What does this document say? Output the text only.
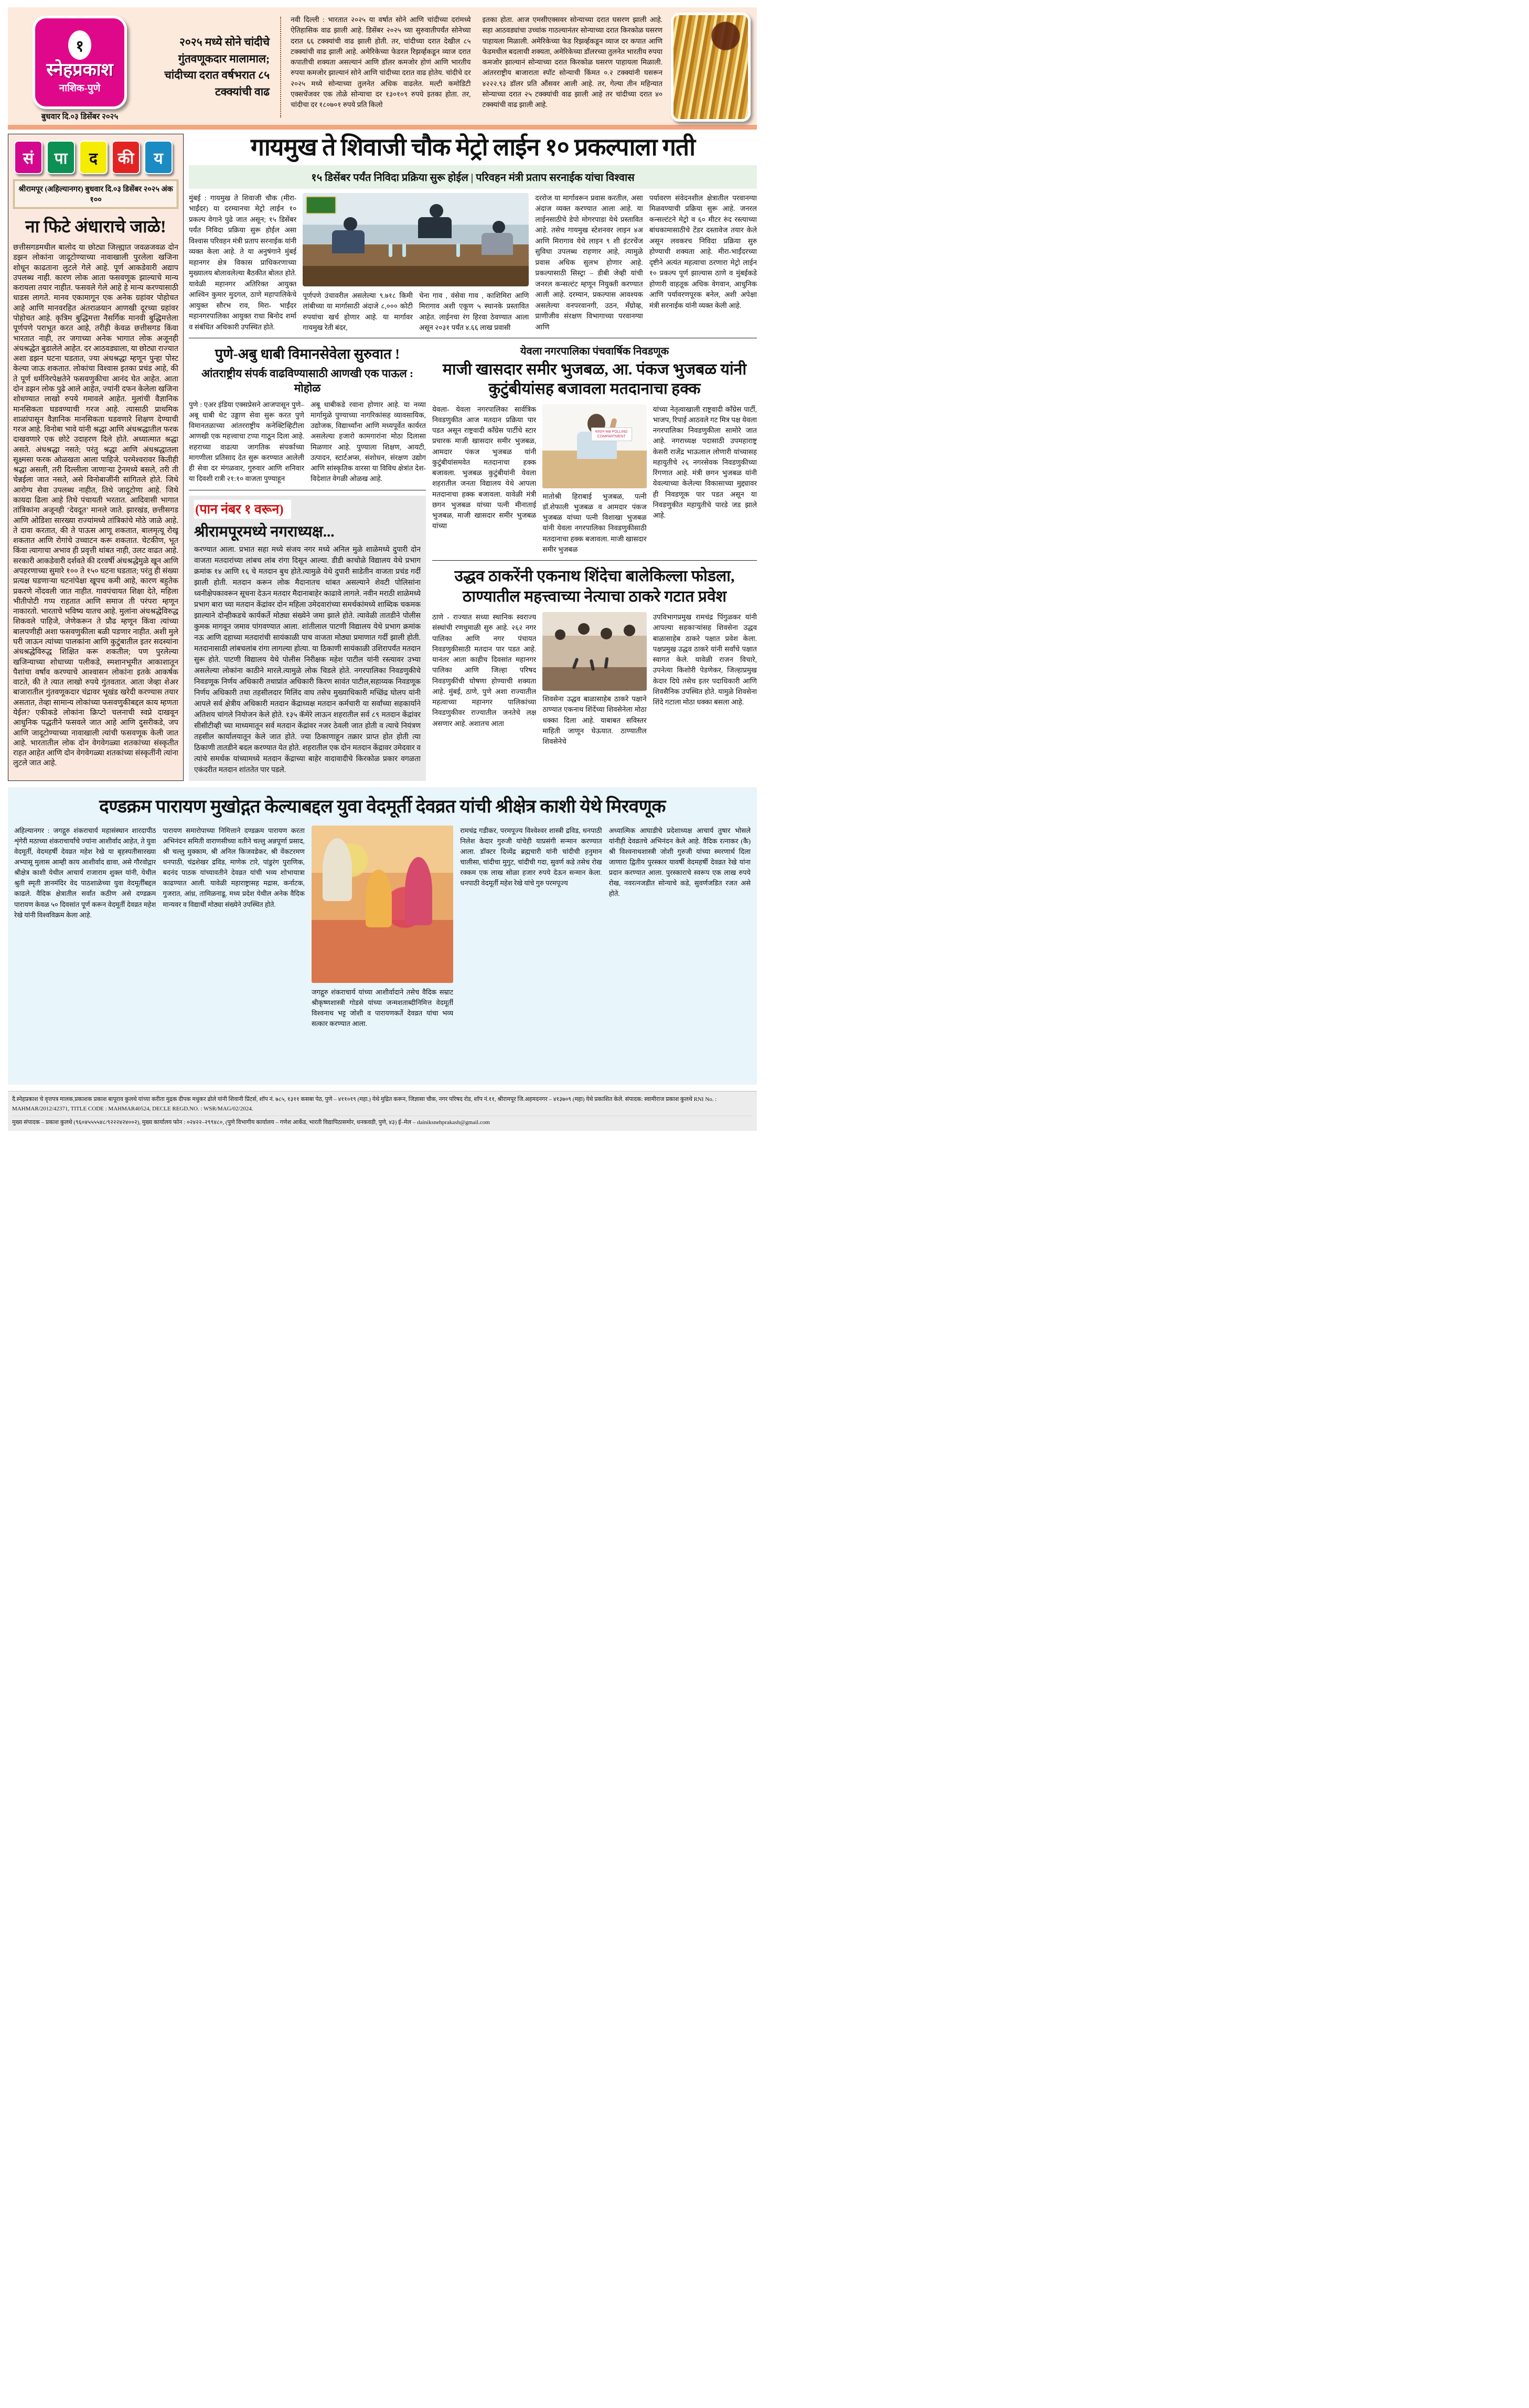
१
स्नेहप्रकाश
नाशिक-पुणे
बुधवार दि.०३ डिसेंबर २०२५
२०२५ मध्ये सोने चांदीचे गुंतवणूकदार मालामाल; चांदीच्या दरात वर्षभरात ८५ टक्क्यांची वाढ
नवी दिल्ली : भारतात २०२५ या वर्षात सोने आणि चांदीच्या दरांमध्ये ऐतिहासिक वाढ झाली आहे. डिसेंबर २०२५ च्या सुरुवातीपर्यंत सोनेच्या दरात ६६ टक्क्यांची वाढ झाली होती. तर, चांदीच्या दरात देखील ८५ टक्क्यांची वाढ झाली आहे. अमेरिकेच्या फेडरल रिझर्व्हकडून व्याज दरात कपातीची शक्यता असल्यानं आणि डॉलर कमजोर होणं आणि भारतीय रुपया कमजोर झाल्यानं सोने आणि चांदीच्या दरात वाढ होतेय. चांदीचे दर २०२५ मध्ये सोन्याच्या तुलनेत अधिक वाढलेत. मल्टी कमोडिटी एक्सचेंजवर एक तोळे सोन्याचा दर १३०१०९ रुपये इतका होता. तर, चांदीचा दर १८०७०१ रुपये प्रति किलो
इतका होता. आज एमसीएक्सवर सोन्याच्या दरात घसरण झाली आहे. सहा आठवड्यांचा उच्चांक गाठल्यानंतर सोन्याच्या दरात किरकोळ घसरण पाहायला मिळाली. अमेरिकेच्या फेड रिझर्व्हकडून व्याज दर कपात आणि फेडमधील बदलाची शक्यता, अमेरिकेच्या डॉलरच्या तुलनेत भारतीय रुपया कमजोर झाल्यानं सोन्याच्या दरात किरकोळ घसरण पाहायला मिळाली. आंतरराष्ट्रीय बाजाराता स्पॉट सोन्याची किंमत ०.२ टक्क्यांनी घसरून ४२२२.९३ डॉलर प्रति औंसवर आली आहे. तर, गेल्या तीन महिन्यात सोन्याच्या दरात २५ टक्क्यांची वाढ झाली आहे तर चांदीच्या दरात ४० टक्क्यांची वाढ झाली आहे.
सं	पा	द	की	य
श्रीरामपूर (अहिल्यानगर) बुधवार दि.०३ डिसेंबर २०२५ अंक १००
ना फिटे अंधाराचे जाळे!
छत्तीसगडमधील बालोद या छोट्या जिल्ह्यात जवळजवळ दोन डझन लोकांना जादूटोण्याच्या नावाखाली पुरलेला खजिना शोधून काढताना लुटले गेले आहे. पूर्ण आकडेवारी अद्याप उपलब्ध नाही. कारण लोक आता फसवणूक झाल्याचे मान्य करायला तयार नाहीत. फसवले गेले आहे हे मान्य करण्यासाठी धाडस लागते. मानव एकामागून एक अनेक ग्रहांवर पोहोचत आहे आणि मानवरहित अंतराळयान आणखी दूरच्या ग्रहांवर पोहोचत आहे. कृत्रिम बुद्धिमत्ता नैसर्गिक मानवी बुद्धिमत्तेला पूर्णपणे पराभूत करत आहे, तरीही केवळ छत्तीसगड किंवा भारतात नाही, तर जगाच्या अनेक भागात लोक अजूनही अंधश्रद्धेत बुडालेले आहेत. दर आठवड्याला, या छोट्या राज्यात अशा डझन घटना घडतात, ज्या अंधश्रद्धा म्हणून पुन्हा पोस्ट केल्या जाऊ शकतात. लोकांचा विश्वास इतका प्रचंड आहे, की ते पूर्ण धर्मनिरपेक्षतेने फसवणुकीचा आनंद घेत आहेत. आता दोन डझन लोक पुढे आले आहेत, ज्यांनी दफन केलेला खजिना शोधण्यात लाखो रुपये गमावले आहेत. मुलांची वैज्ञानिक मानसिकता घडवण्याची गरज आहे. त्यासाठी प्राथमिक शाळांपासून वैज्ञानिक मानसिकता घडवणारे शिक्षण देण्याची गरज आहे. विनोबा भावे यांनी श्रद्धा आणि अंधश्रद्धातील फरक दाखवणारे एक छोटे उदाहरण दिले होते. अध्यात्मात श्रद्धा असते. अंधश्रद्धा नसते; परंतु श्रद्धा आणि अंधश्रद्धातला सूक्ष्मसा फरक ओळखता आला पाहिजे. परमेश्वरावर कितीही श्रद्धा असली, तरी दिल्लीला जाणाऱ्या ट्रेनमध्ये बसले, तरी ती चेन्नईला जात नसते, असे विनोबाजींनी सांगितले होते. जिथे आरोग्य सेवा उपलब्ध नाहीत, तिथे जादूटोणा आहे. जिथे कायदा ढिला आहे तिथे पंचायती भरतात. आदिवासी भागात तांत्रिकांना अजूनही ‘देवदूत’ मानले जाते. झारखंड, छत्तीसगड आणि ओडिशा सारख्या राज्यांमध्ये तांत्रिकांचे मोठे जाळे आहे. ते दावा करतात, की ते पाऊस आणू शकतात, बालमृत्यू रोखू शकतात आणि रोगांचे उच्चाटन करू शकतात. चेटकीण, भूत किंवा त्यागाचा अभाव ही प्रवृत्ती थांबत नाही, उलट वाढत आहे. सरकारी आकडेवारी दर्शवते की दरवर्षी अंधश्रद्धेमुळे खून आणि अपहरणाच्या सुमारे १०० ते १५० घटना घडतात; परंतु ही संख्या प्रत्यक्ष घडणाऱ्या घटनांपेक्षा खूपच कमी आहे, कारण बहुतेक प्रकरणे नोंदवली जात नाहीत. गावपंचायत शिक्षा देते, महिला भीतीपोटी गप्प राहतात आणि समाज ती परंपरा म्हणून नाकारतो. भारताचे भविष्य यातच आहे. मुलांना अंधश्रद्धेविरुद्ध शिकवले पाहिजे, जेणेकरून ते प्रौढ म्हणून किंवा त्यांच्या बालपणीही अशा फसवणुकीला बळी पडणार नाहीत. अशी मुले घरी जाऊन त्यांच्या पालकांना आणि कुटुंबातील इतर सदस्यांना अंधश्रद्धेविरुद्ध शिक्षित करू शकतील; पण पुरलेल्या खजिन्याच्या शोधाच्या पलीकडे, स्मशानभूमीत आकाशातून पैशांचा वर्षाव करण्याचे आश्वासन लोकांना इतके आकर्षक वाटते, की ते त्यात लाखो रुपये गुंतवतात. आता जेव्हा शेअर बाजारातील गुंतवणूकदार चंद्रावर भूखंड खरेदी करण्यास तयार असतात, तेव्हा सामान्य लोकांच्या फसवणुकीबद्दल काय म्हणता येईल? एकीकडे लोकांना क्रिप्टो चलनाची स्वप्ने दाखवून आधुनिक पद्धतीने फसवले जात आहे आणि दुसरीकडे, जप आणि जादूटोण्याच्या नावाखाली त्यांची फसवणूक केली जात आहे. भारतातील लोक दोन वेगवेगळ्या शतकांच्या संस्कृतीत राहत आहेत आणि दोन वेगवेगळ्या शतकांच्या संस्कृतींनी त्यांना लुटले जात आहे.
गायमुख ते शिवाजी चौक मेट्रो लाईन १० प्रकल्पाला गती
१५ डिसेंबर पर्यंत निविदा प्रक्रिया सुरू होईल | परिवहन मंत्री प्रताप सरनाईक यांचा विश्वास
मुंबई : गायमुख ते शिवाजी चौक (मीरा-भाईंदर) या दरम्यानचा मेट्रो लाईन १० प्रकल्प वेगाने पुढे जात असून; १५ डिसेंबर पर्यंत निविदा प्रक्रिया सुरू होईल असा विश्वास परिवहन मंत्री प्रताप सरनाईक यांनी व्यक्त केला आहे. ते या अनुषंगाने मुंबई महानगर क्षेत्र विकास प्राधिकरणाच्या मुख्यालय बोलावलेल्या बैठकीत बोलत होते. यावेळी महानगर अतिरिक्त आयुक्त आश्विन कुमार मुदगल, ठाणे महापालिकेचे आयुक्त सौरभ राव, मिरा- भाईंदर महानगरपालिका आयुक्त राधा बिनोद शर्मा व संबंधित अधिकारी उपस्थित होते.
पूर्णपणे उंचावरील असलेल्या ९.७१८ किमी लांबीच्या या मार्गासाठी अंदाजे ८,००० कोटी रुपयांचा खर्च होणार आहे. या मार्गावर गायमुख रेती बंदर,
चेना गाव , वंसेवा गाव , काशिमिरा आणि मिरागाव अशी एकूण ५ स्थानके प्रस्तावित आहेत. लाईनचा रंग हिरवा ठेवण्यात आला असून २०३१ पर्यंत ४.६६ लाख प्रवासी
दररोज या मार्गावरून प्रवास करतील, असा अंदाज व्यक्त करण्यात आला आहे. या लाईनसाठीचे डेपो मोगरपाडा येथे प्रस्तावित आहे. तसेच गायमुख स्टेशनवर लाइन ४अ आणि मिरागाव येथे लाइन ९ शी इंटरचेंज सुविधा उपलब्ध राहणार आहे, त्यामुळे प्रवास अधिक सुलभ होणार आहे. प्रकल्पासाठी सिस्ट्रा – डीबी जेव्ही यांची जनरल कन्सल्टंट म्हणून नियुक्ती करण्यात आली आहे. दरम्यान, प्रकल्पास आवश्यक असलेल्या वनपरवानगी, उठन, मँग्रोव्ह, प्राणीजीव संरक्षण विभागाच्या परवानग्या आणि
पर्यावरण संवेदनशील क्षेत्रातील परवानग्या मिळवण्याची प्रक्रिया सुरू आहे. जनरल कन्सल्टंटने मेट्रो व ६० मीटर रुंद रस्त्याच्या बांधकामासाठीचे टेंडर दस्तावेज तयार केले असून लवकरच निविदा प्रक्रिया सुरु होण्याची शक्यता आहे. मीरा-भाईंदरच्या दृष्टीने अत्यंत महत्वाचा ठरणारा मेट्रो लाईन १० प्रकल्प पूर्ण झाल्यास ठाणे व मुंबईकडे होणारी वाहतूक अधिक वेगवान, आधुनिक आणि पर्यावरणपूरक बनेल, अशी अपेक्षा मंत्री सरनाईक यांनी व्यक्त केली आहे.
पुणे-अबु धाबी विमानसेवेला सुरुवात !
आंतराष्ट्रीय संपर्क वाढविण्यासाठी आणखी एक पाऊल : मोहोळ
पुणे : एअर इंडिया एक्सप्रेसने आजपासून पुणे–अबू धाबी थेट उड्डाण सेवा सुरू करत पुणे विमानतळाच्या आंतरराष्ट्रीय कनेक्टिव्हिटीला आणखी एक महत्त्वाचा टप्पा गाठून दिला आहे. शहराच्या वाढत्या जागतिक संपर्काच्या मागणीला प्रतिसाद देत सुरू करण्यात आलेली ही सेवा दर मंगळवार, गुरुवार आणि शनिवार या दिवशी रात्री २१:१० वाजता पुण्याहून
अबू धाबीकडे रवाना होणार आहे. या नव्या मार्गामुळे पुण्याच्या नागरिकांसह व्यावसायिक, उद्योजक, विद्यार्थ्यांना आणि मध्यपूर्वेत कार्यरत असलेल्या हजारो कामगारांना मोठा दिलासा मिळणार आहे. पुण्याला शिक्षण, आयटी, उत्पादन, स्टार्टअप्स, संशोधन, संरक्षण उद्योग आणि सांस्कृतिक वारसा या विविध क्षेत्रांत देश-विदेशात वेगळी ओळख आहे.
(पान नंबर १ वरून)
श्रीरामपूरमध्ये नगराध्यक्ष...
करण्यात आला. प्रभात सहा मध्ये संजय नगर मध्ये अनिल मुळे शाळेमध्ये दुपारी दोन वाजता मतदारांच्या लांबच लांब रांगा दिसून आल्या. डीडी काचोळे विद्यालय येथे प्रभाग क्रमांक १४ आणि १६ चे मतदान बुथ होते.त्यामुळे येथे दुपारी साडेतीन वाजता प्रचंड गर्दी झाली होती. मतदान करून लोक मैदानातच थांबत असल्याने शेवटी पोलिसांना ध्वनीक्षेपकावरून सूचना देऊन मतदार मैदानाबाहेर काढावे लागले. नवीन मराठी शाळेमध्ये प्रभाग बारा च्या मतदान केंद्रांवर दोन महिला उमेदवारांच्या समर्थकांमध्ये शाब्दिक चकमक झाल्याने दोन्हीकडचे कार्यकर्ते मोठ्या संख्येने जमा झाले होते. त्यावेळी तातडीने पोलीस कुमक मागवून जमाव पांगवण्यात आला. शांतीलाल पाटणी विद्यालय येथे प्रभाग क्रमांक नऊ आणि दहाच्या मतदारांची सायंकाळी पाच वाजता मोठ्या प्रमाणात गर्दी झाली होती. मतदानासाठी लांबचलांब रांगा लागल्या होत्या. या ठिकाणी सायंकाळी उशिरापर्यंत मतदान सुरू होते. पाटणी विद्यालय येथे पोलीस निरीक्षक महेश पाटील यांनी रस्त्यावर उभ्या असलेल्या लोकांना काठीने मारले.त्यामुळे लोक चिडले होते. नगरपालिका निवडणुकीचे निवडणूक निर्णय अधिकारी तथाप्रांत अधिकारी किरण सावंत पाटील,सहाय्यक निवडणूक निर्णय अधिकारी तथा तहसीलदार मिलिंद वाघ तसेच मुख्याधिकारी मच्छिंद्र घोलप यांनी आपले सर्व क्षेत्रीय अधिकारी मतदान केंद्राध्यक्ष मतदान कर्मचारी या सर्वांच्या सहकार्याने अतिशय चांगले नियोजन केले होते. १३५ कॅमेरे लाऊन शहरातील सर्व ८९ मतदान केंद्रांवर सीसीटीव्ही च्या माध्यमातून सर्व मतदान केंद्रांवर नजर ठेवली जात होती व त्याचे नियंत्रण तहसील कार्यालयातून केले जात होते. ज्या ठिकाणाहून तक्रार प्राप्त होत होती त्या ठिकाणी तातडीने बदल करण्यात येत होते. शहरातील एक दोन मतदान केंद्रावर उमेदवार व त्यांचे समर्थक यांच्यामध्ये मतदान केंद्राच्या बाहेर वादावादीचे किरकोळ प्रकार वगळता एकंदरीत मतदान शांततेत पार पडले.
येवला नगरपालिका पंचवार्षिक निवडणूक
माजी खासदार समीर भुजबळ, आ. पंकज भुजबळ यांनी कुटुंबीयांसह बजावला मतदानाचा हक्क
येवला- येवला नगरपालिका सार्वत्रिक निवडणुकीत आज मतदान प्रक्रिया पार पडत असून राष्ट्रवादी काँग्रेस पार्टीचे स्टार प्रचारक माजी खासदार समीर भुजबळ, आमदार पंकज भुजबळ यांनी कुटुंबीयांसमवेत मतदानाचा हक्क बजावला. भुजबळ कुटुंबीयांनी येवला शहरातील जनता विद्यालय येथे आपला मतदानाचा हक्क बजावला. यावेळी मंत्री छगन भुजबळ यांच्या पत्नी मीनाताई भुजबळ, माजी खासदार समीर भुजबळ यांच्या
मतदान कक्ष POLLING COMPARTMENT
मातोश्री हिराबाई भुजबळ, पत्नी डॉ.शेफाली भुजबळ व आमदार पंकज भुजबळ यांच्या पत्नी विशाखा भुजबळ यांनी येवला नगरपालिका निवडणुकीसाठी मतदानाचा हक्क बजावला. माजी खासदार समीर भुजबळ
यांच्या नेतृत्वाखाली राष्ट्रवादी काँग्रेस पार्टी, भाजप, रिपाई आठवले गट मित्र पक्ष येवला नगरपालिका निवडणुकीला सामोरे जात आहे. नगराध्यक्ष पदासाठी उपमहाराष्ट्र केसरी राजेंद्र भाऊलाल लोणारी यांच्यासह महायुतीचे २६ नगरसेवक निवडणुकीच्या रिंगणात आहे. मंत्री छगन भुजबळ यांनी येवल्याच्या केलेल्या विकासाच्या मुद्द्यावर ही निवडणूक पार पडत असून या निवडणुकीत महायुतीचे पारडे जड झाले आहे.
उद्धव ठाकरेंनी एकनाथ शिंदेचा बालेकिल्ला फोडला, ठाण्यातील महत्त्वाच्या नेत्याचा ठाकरे गटात प्रवेश
ठाणे - राज्यात सध्या स्थानिक स्वराज्य संस्थांची रणधुमाळी सुरु आहे. २६२ नगर पालिका आणि नगर पंचायत निवडणुकीसाठी मतदान पार पडत आहे. यानंतर आता काहीच दिवसांत महानगर पालिका आणि जिल्हा परिषद निवडणुकींची घोषणा होण्याची शक्यता आहे. मुंबई, ठाणे, पुणे अशा राज्यातील महत्वाच्या महानगर पालिकांच्या निवडणुकीवर राज्यातील जनतेचे लक्ष असणार आहे. अशातच आता
शिवसेना उद्धव बाळासाहेब ठाकरे पक्षाने ठाण्यात एकनाथ शिंदेंच्या शिवसेनेला मोठा धक्का दिला आहे. याबाबत सविस्तर माहिती जाणून घेऊयात. ठाण्यातील शिवसेनेचे
उपविभागप्रमुख रामचंद्र पिंगुळकर यांनी आपल्या सहकाऱ्यांसह शिवसेना उद्धव बाळासाहेब ठाकरे पक्षात प्रवेश केला. पक्षप्रमुख उद्धव ठाकरे यांनी सर्वांचे पक्षात स्वागत केले. यावेळी राजन विचारे, उपनेत्या किशोरी पेडणेकर, जिल्हाप्रमुख केदार दिघे तसेच इतर पदाधिकारी आणि शिवसैनिक उपस्थित होते. यामुळे शिवसेना शिंदे गटाला मोठा धक्का बसला आहे.
दण्डक्रम पारायण मुखोद्गत केल्याबद्दल युवा वेदमूर्ती देवव्रत यांची श्रीक्षेत्र काशी येथे मिरवणूक
अहिल्यानगर : जगद्गुरु शंकराचार्य महासंस्थान शारदापीठ शृंगेरी मठाच्या शंकराचार्यांचे ज्यांना आशीर्वाद आहेत, ते युवा वेदमूर्ती, वेदमहर्षी देवव्रत महेश रेखे या बृहस्पतीसारख्या अभ्यासू मुलास आम्ही काय आशीर्वाद द्यावा, असे गौरवोद्गार श्रीक्षेत्र काशी येथील आचार्य राजाराम शुक्ल यांनी, येथील श्रुती स्मृती ज्ञानमंदिर वेद पाठशाळेच्या युवा वेदमूर्तींबद्दल काढले. वैदिक क्षेत्रातील सर्वांत कठीण असे दण्डक्रम पारायण केवळ ५० दिवसांत पूर्ण करून वेदमूर्ती देवव्रत महेश रेखे यांनी विश्वविक्रम केला आहे.
पारायण समारोपाच्या निमित्ताने दण्डक्रम पारायण करता अभिनंदन समिती वाराणसीच्या वतीने चल्लु अन्नपूर्णा प्रसाद, श्री चल्लु मुक्काम, श्री अनिल किजवडेकर, श्री वेंकटरमण धनपाठी, चंद्रशेखर द्रविड, माणेक टारे, पांडुरंग पुराणिक, बदनंद पाठक यांच्यावतीने देवव्रत यांची भव्य शोभायात्रा काढण्यात आली. यावेळी महाराष्ट्रासह मद्रास, कर्नाटक, गुजरात, आंध्र, तामिळनाडू, मध्य प्रदेश येथील अनेक वैदिक मान्यवर व विद्यार्थी मोठ्या संख्येने उपस्थित होते.
जगद्गुरु शंकराचार्य यांच्या आशीर्वादाने तसेच वैदिक सम्राट श्रीकृष्णशास्त्री गोडसे यांच्या जन्मशताब्दीनिमित्त वेदमूर्ती विश्वनाथ भट्ट जोशी व पारायणकर्ते देवव्रत यांचा भव्य सत्कार करण्यात आला.
रामचंद्र गडीकर, परमपूज्य विश्वेश्वर शास्त्री द्रविड, धनपाठी निलेश केदार गुरुजी यांचेही याप्रसंगी सन्मान करण्यात आला. डॉक्टर दिव्येंद्र ब्रह्मचारी यांनी चांदीची हनुमान चालीसा, चांदीचा मुगुट, चांदीची गदा, सुवर्ण कडे तसेच रोख रक्कम एक लाख सोळा हजार रुपये देऊन सन्मान केला. धनपाठी वेदमूर्ती महेश रेखे यांचे गुरु परमपूज्य
अध्यात्मिक आघाडीचे प्रदेशाध्यक्ष आचार्य तुषार भोसले यांनीही देवव्रतचे अभिनंदन केले आहे. वैदिक रत्नाकर (कै) श्री विश्वनाथशास्त्री जोशी गुरुजी यांच्या स्मरणार्थ दिला जाणारा द्वितीय पुरस्कार यावर्षी वेदमहर्षी देवव्रत रेखे यांना प्रदान करण्यात आला. पुरस्काराचे स्वरूप एक लाख रुपये रोख, नवरत्नजडीत सोन्याचे कडे, सुवर्णजडित रजत असे होते.
दै.स्नेहप्रकाश चे वृत्तपत्र मालक,प्रकाशक प्रकाश बापूराव कुलथे यांच्या करीता मुद्रक दीपक मधुकर ढोले यांनी शिवानी प्रिंटर्स, शॉप नं. ७८५, १३११ कसबा पेठ, पुणे – ४११०१९ (महा.) येथे मुद्रित करून, जिज्ञासा चौक, नगर परिषद रोड, शॉप नं.११, श्रीरामपूर जि.अहमदनगर – ४१३७०९ (महा) येथे प्रकाशित केले. संपादक: स्वामीराज प्रकाश कुलथे RNI No. : MAHMAR/2012/42371, TITLE CODE : MAHMAR40524, DECLE REGD.NO. : WSR/MAG/02/2024.
मुख्य संपादक – प्रकाश कुलथे (९६०४५५५५४८/९२२२४२४००२), मुख्य कार्यालय फोन : ०२४२२–२९९४८०, (पुणे विभागीय कार्यालय – गणेश आर्केड, भारती विद्यापिठासमोर, धनकवडी, पुणे, ४३) ई–मेल – dainiksnehprakash@gmail.com
